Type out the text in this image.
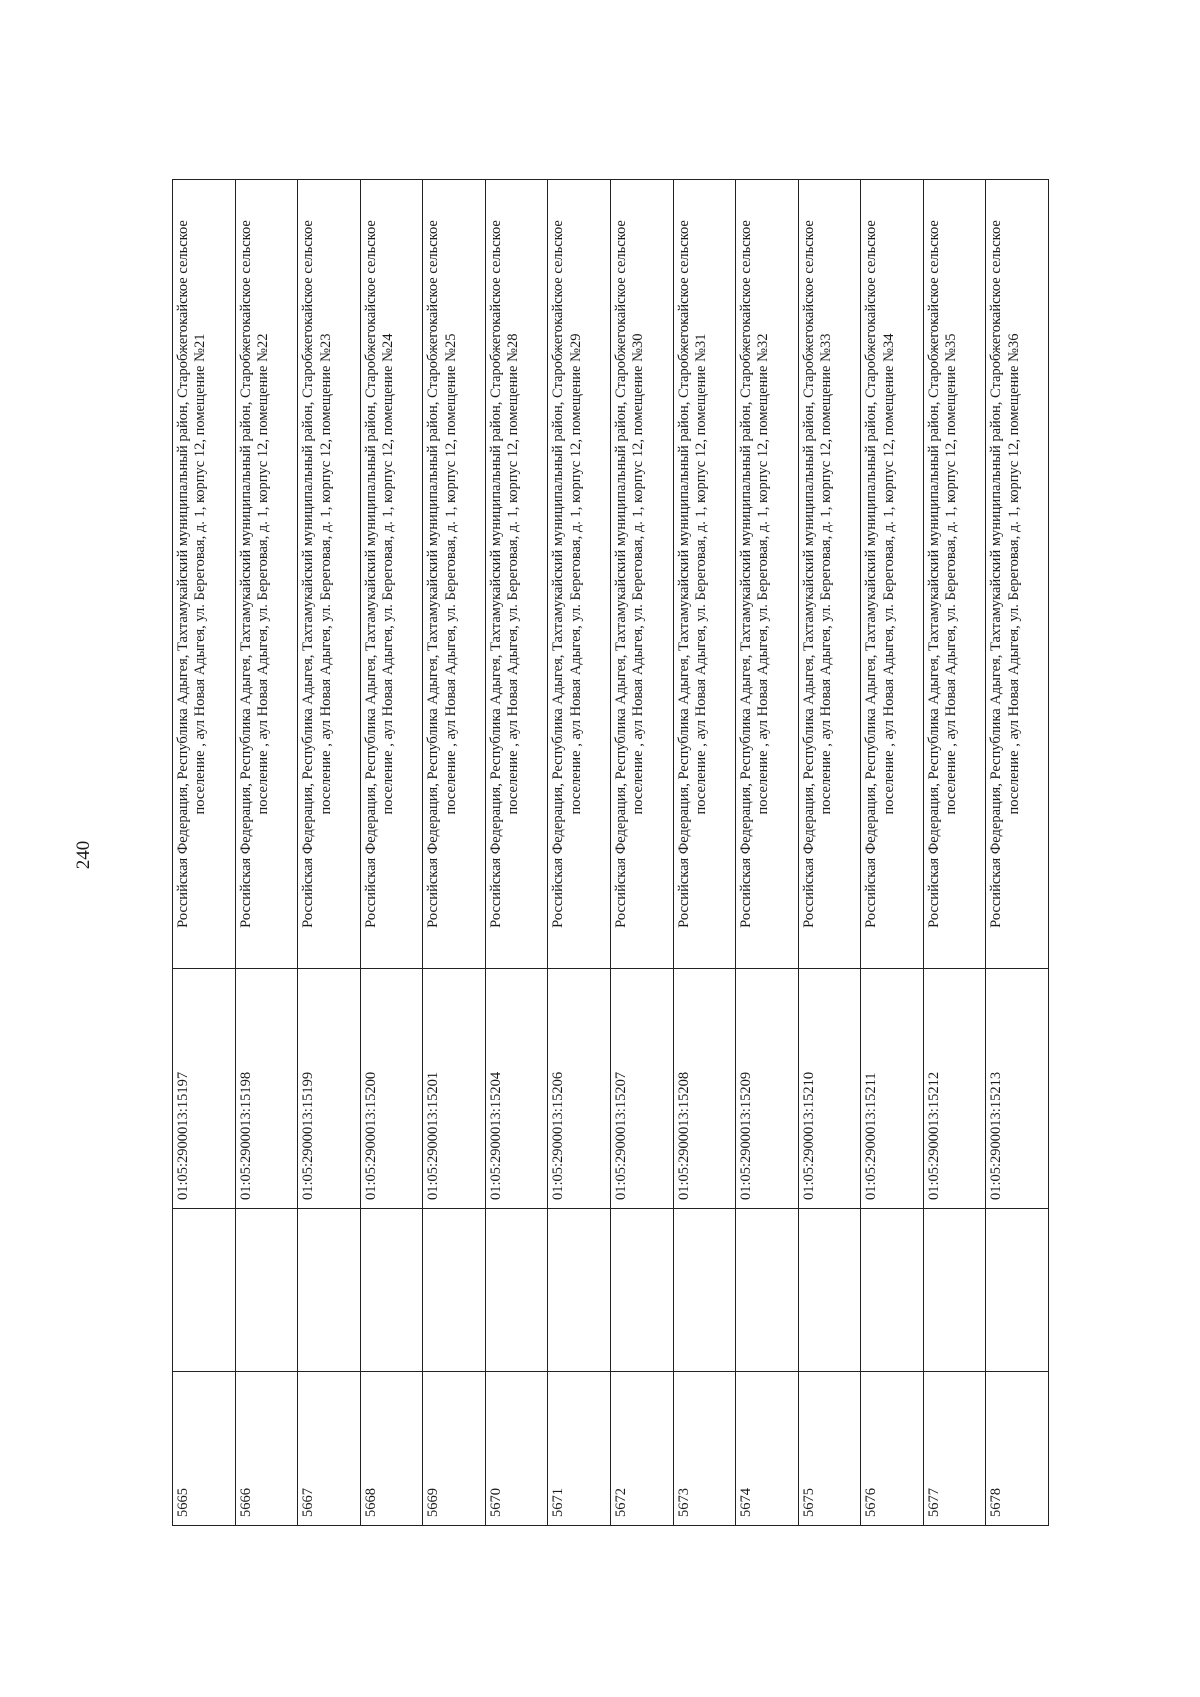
240
5665		01:05:2900013:15197	Российская Федерация, Республика Адыгея, Тахтамукайский муниципальный район, Старобжегокайское сельское поселение , аул Новая Адыгея, ул. Береговая, д. 1, корпус 12, помещение №21
5666		01:05:2900013:15198	Российская Федерация, Республика Адыгея, Тахтамукайский муниципальный район, Старобжегокайское сельское поселение , аул Новая Адыгея, ул. Береговая, д. 1, корпус 12, помещение №22
5667		01:05:2900013:15199	Российская Федерация, Республика Адыгея, Тахтамукайский муниципальный район, Старобжегокайское сельское поселение , аул Новая Адыгея, ул. Береговая, д. 1, корпус 12, помещение №23
5668		01:05:2900013:15200	Российская Федерация, Республика Адыгея, Тахтамукайский муниципальный район, Старобжегокайское сельское поселение , аул Новая Адыгея, ул. Береговая, д. 1, корпус 12, помещение №24
5669		01:05:2900013:15201	Российская Федерация, Республика Адыгея, Тахтамукайский муниципальный район, Старобжегокайское сельское поселение , аул Новая Адыгея, ул. Береговая, д. 1, корпус 12, помещение №25
5670		01:05:2900013:15204	Российская Федерация, Республика Адыгея, Тахтамукайский муниципальный район, Старобжегокайское сельское поселение , аул Новая Адыгея, ул. Береговая, д. 1, корпус 12, помещение №28
5671		01:05:2900013:15206	Российская Федерация, Республика Адыгея, Тахтамукайский муниципальный район, Старобжегокайское сельское поселение , аул Новая Адыгея, ул. Береговая, д. 1, корпус 12, помещение №29
5672		01:05:2900013:15207	Российская Федерация, Республика Адыгея, Тахтамукайский муниципальный район, Старобжегокайское сельское поселение , аул Новая Адыгея, ул. Береговая, д. 1, корпус 12, помещение №30
5673		01:05:2900013:15208	Российская Федерация, Республика Адыгея, Тахтамукайский муниципальный район, Старобжегокайское сельское поселение , аул Новая Адыгея, ул. Береговая, д. 1, корпус 12, помещение №31
5674		01:05:2900013:15209	Российская Федерация, Республика Адыгея, Тахтамукайский муниципальный район, Старобжегокайское сельское поселение , аул Новая Адыгея, ул. Береговая, д. 1, корпус 12, помещение №32
5675		01:05:2900013:15210	Российская Федерация, Республика Адыгея, Тахтамукайский муниципальный район, Старобжегокайское сельское поселение , аул Новая Адыгея, ул. Береговая, д. 1, корпус 12, помещение №33
5676		01:05:2900013:15211	Российская Федерация, Республика Адыгея, Тахтамукайский муниципальный район, Старобжегокайское сельское поселение , аул Новая Адыгея, ул. Береговая, д. 1, корпус 12, помещение №34
5677		01:05:2900013:15212	Российская Федерация, Республика Адыгея, Тахтамукайский муниципальный район, Старобжегокайское сельское поселение , аул Новая Адыгея, ул. Береговая, д. 1, корпус 12, помещение №35
5678		01:05:2900013:15213	Российская Федерация, Республика Адыгея, Тахтамукайский муниципальный район, Старобжегокайское сельское поселение , аул Новая Адыгея, ул. Береговая, д. 1, корпус 12, помещение №36
